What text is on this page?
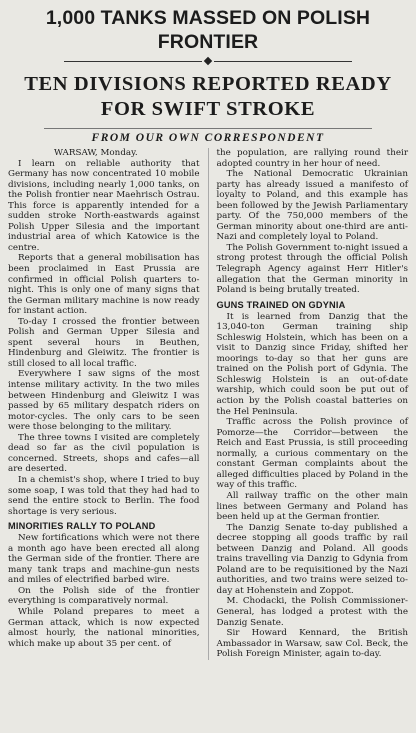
1,000 TANKS MASSED ON POLISH FRONTIER
TEN DIVISIONS REPORTED READY FOR SWIFT STROKE
FROM OUR OWN CORRESPONDENT

WARSAW, Monday.

I learn on reliable authority that Germany has now concentrated 10 mobile divisions, including nearly 1,000 tanks, on the Polish frontier near Maehrisch Ostrau. This force is apparently intended for a sudden stroke North-eastwards against Polish Upper Silesia and the important industrial area of which Katowice is the centre.

Reports that a general mobilisation has been proclaimed in East Prussia are confirmed in official Polish quarters to-night. This is only one of many signs that the German military machine is now ready for instant action.

To-day I crossed the frontier between Polish and German Upper Silesia and spent several hours in Beuthen, Hindenburg and Gleiwitz. The frontier is still closed to all local traffic.

Everywhere I saw signs of the most intense military activity. In the two miles between Hindenburg and Gleiwitz I was passed by 65 military despatch riders on motor-cycles. The only cars to be seen were those belonging to the military.

The three towns I visited are completely dead so far as the civil population is concerned. Streets, shops and cafes—all are deserted.

In a chemist's shop, where I tried to buy some soap, I was told that they had had to send the entire stock to Berlin. The food shortage is very serious.

MINORITIES RALLY TO POLAND

New fortifications which were not there a month ago have been erected all along the German side of the frontier. There are many tank traps and machine-gun nests and miles of electrified barbed wire.

On the Polish side of the frontier everything is comparatively normal.

While Poland prepares to meet a German attack, which is now expected almost hourly, the national minorities, which make up about 35 per cent. of

the population, are rallying round their adopted country in her hour of need.

The National Democratic Ukrainian party has already issued a manifesto of loyalty to Poland, and this example has been followed by the Jewish Parliamentary party. Of the 750,000 members of the German minority about one-third are anti-Nazi and completely loyal to Poland.

The Polish Government to-night issued a strong protest through the official Polish Telegraph Agency against Herr Hitler's allegation that the German minority in Poland is being brutally treated.

GUNS TRAINED ON GDYNIA

It is learned from Danzig that the 13,040-ton German training ship Schleswig Holstein, which has been on a visit to Danzig since Friday, shifted her moorings to-day so that her guns are trained on the Polish port of Gdynia. The Schleswig Holstein is an out-of-date warship, which could soon be put out of action by the Polish coastal batteries on the Hel Peninsula.

Traffic across the Polish province of Pomorze—the Corridor—between the Reich and East Prussia, is still proceeding normally, a curious commentary on the constant German complaints about the alleged difficulties placed by Poland in the way of this traffic.

All railway traffic on the other main lines between Germany and Poland has been held up at the German frontier.

The Danzig Senate to-day published a decree stopping all goods traffic by rail between Danzig and Poland. All goods trains travelling via Danzig to Gdynia from Poland are to be requisitioned by the Nazi authorities, and two trains were seized to-day at Hohenstein and Zoppot.

M. Chodacki, the Polish Commissioner-General, has lodged a protest with the Danzig Senate.

Sir Howard Kennard, the British Ambassador in Warsaw, saw Col. Beck, the Polish Foreign Minister, again to-day.
